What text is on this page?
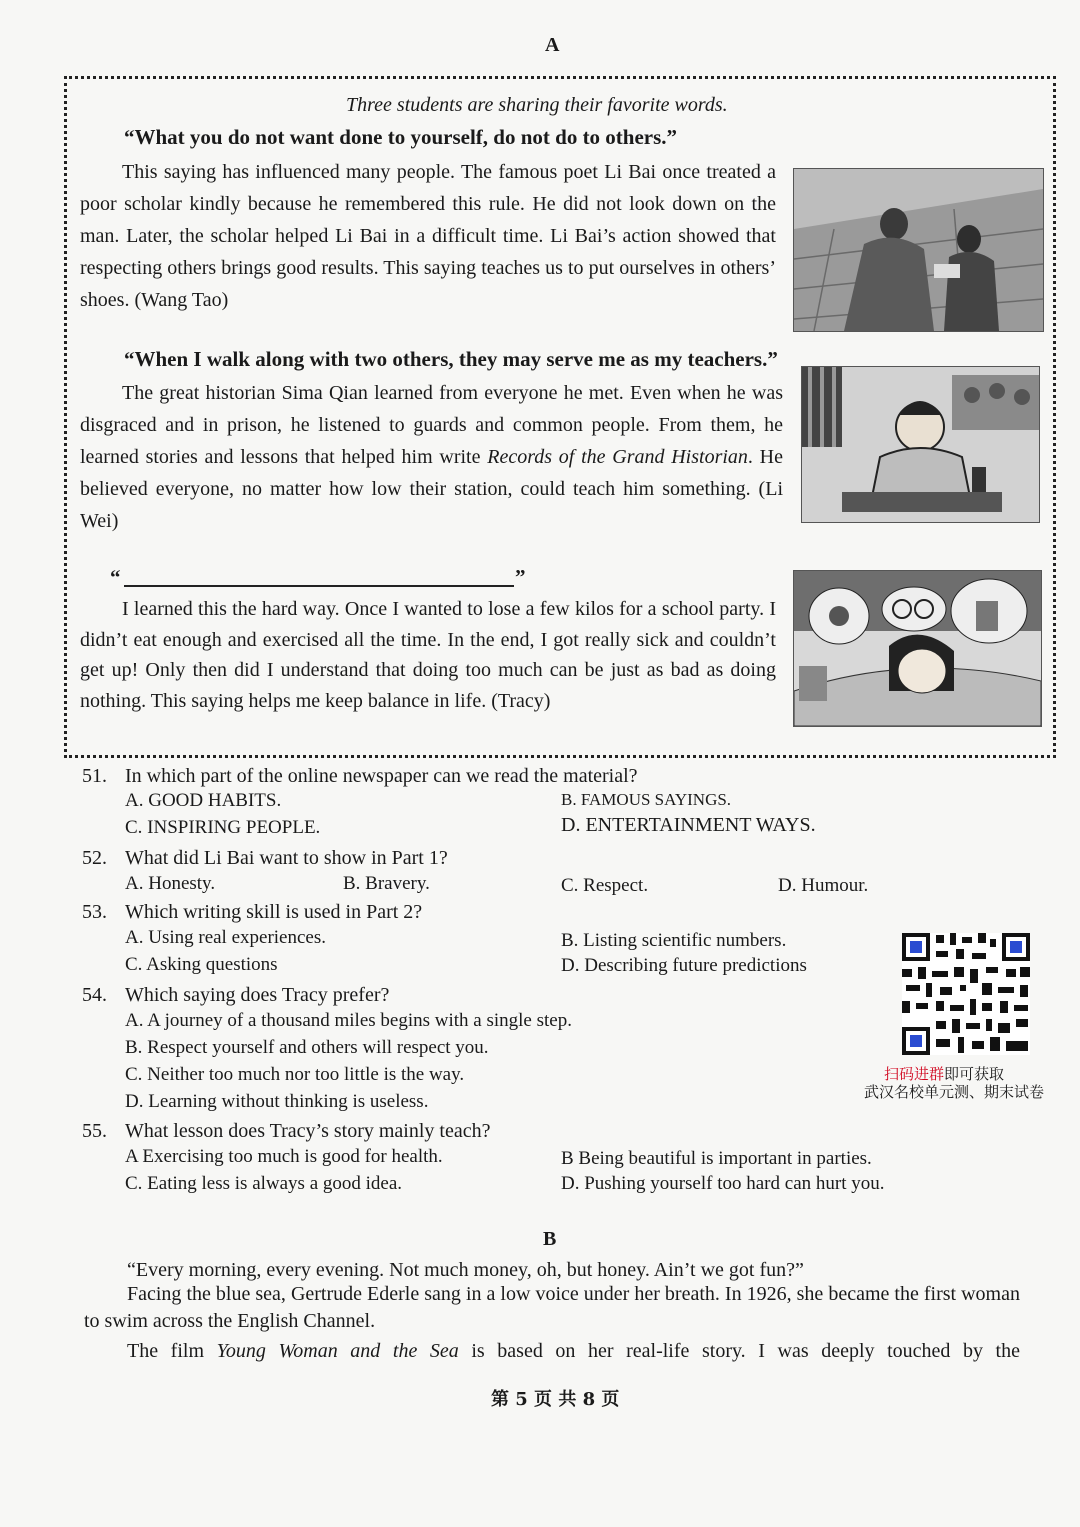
A
Three students are sharing their favorite words.
“What you do not want done to yourself, do not do to others.”
This saying has influenced many people. The famous poet Li Bai once treated a poor scholar kindly because he remembered this rule. He did not look down on the man. Later, the scholar helped Li Bai in a difficult time. Li Bai’s action showed that respecting others brings good results. This saying teaches us to put ourselves in others’ shoes. (Wang Tao)
“When I walk along with two others, they may serve me as my teachers.”
The great historian Sima Qian learned from everyone he met. Even when he was disgraced and in prison, he listened to guards and common people. From them, he learned stories and lessons that helped him write Records of the Grand Historian. He believed everyone, no matter how low their station, could teach him something. (Li Wei)
“	”
I learned this the hard way. Once I wanted to lose a few kilos for a school party. I didn’t eat enough and exercised all the time. In the end, I got really sick and couldn’t get up! Only then did I understand that doing too much can be just as bad as doing nothing. This saying helps me keep balance in life. (Tracy)
51. In which part of the online newspaper can we read the material?
A. GOOD HABITS.	B. FAMOUS SAYINGS.
C. INSPIRING PEOPLE.	D. ENTERTAINMENT WAYS.
52. What did Li Bai want to show in Part 1?
A. Honesty.	B. Bravery.	C. Respect.	D. Humour.
53. Which writing skill is used in Part 2?
A. Using real experiences.	B. Listing scientific numbers.
C. Asking questions	D. Describing future predictions
54. Which saying does Tracy prefer?
A. A journey of a thousand miles begins with a single step.
B. Respect yourself and others will respect you.
C. Neither too much nor too little is the way.
D. Learning without thinking is useless.
55. What lesson does Tracy’s story mainly teach?
A Exercising too much is good for health.	B Being beautiful is important in parties.
C. Eating less is always a good idea.	D. Pushing yourself too hard can hurt you.
扫码进群即可获取
武汉名校单元测、期末试卷
B
“Every morning, every evening. Not much money, oh, but honey. Ain’t we got fun?”
Facing the blue sea, Gertrude Ederle sang in a low voice under her breath. In 1926, she became the first woman to swim across the English Channel.
The film Young Woman and the Sea is based on her real-life story. I was deeply touched by the
第 5 页 共 8 页
